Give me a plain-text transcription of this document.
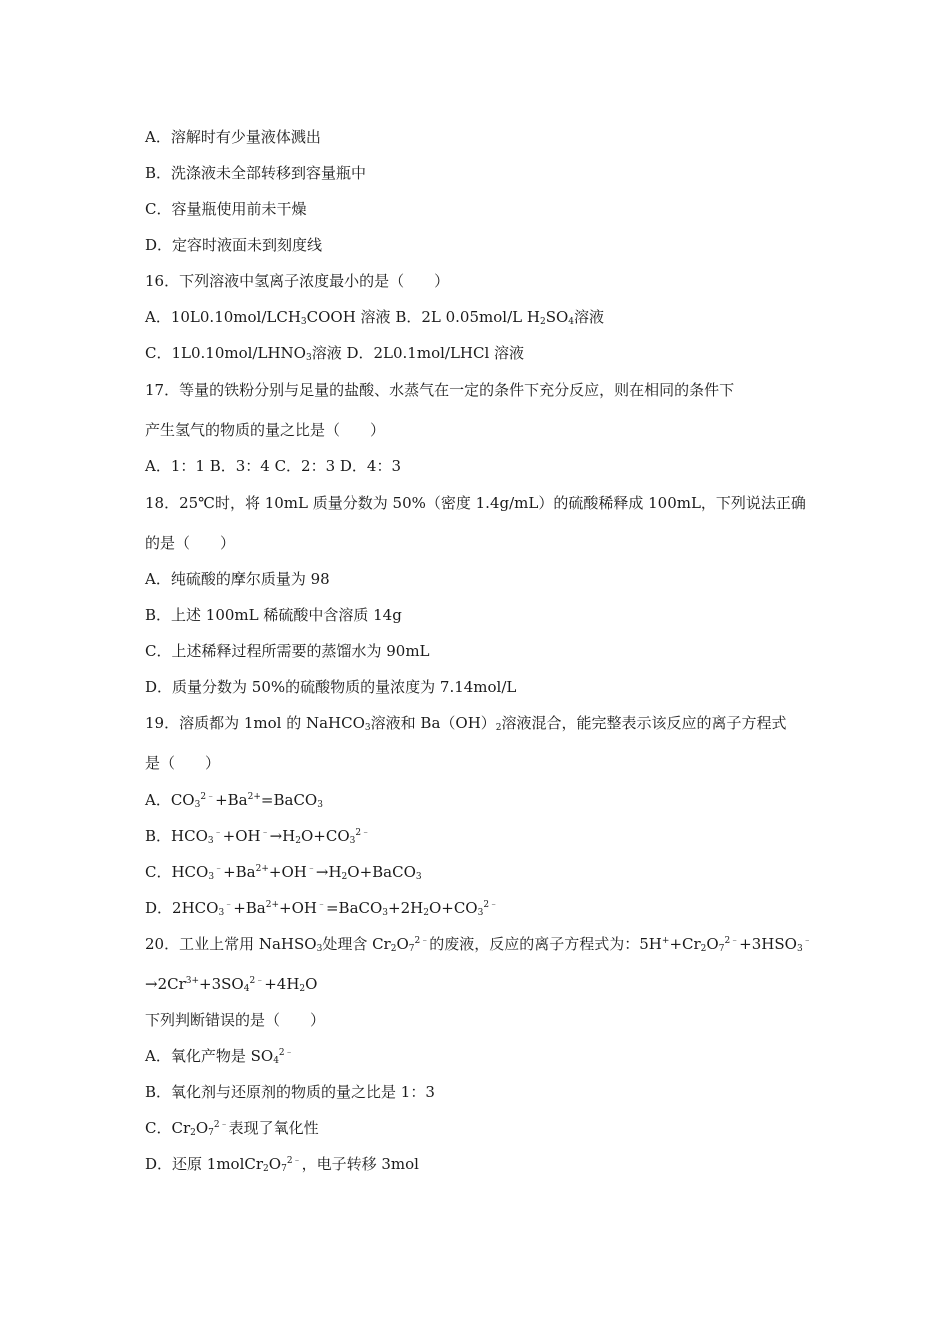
A．溶解时有少量液体溅出
B．洗涤液未全部转移到容量瓶中
C．容量瓶使用前未干燥
D．定容时液面未到刻度线
16．下列溶液中氢离子浓度最小的是（　　）
A．$10L0.10mol/LCH_3COOH$ 溶液 B．2L 0.05mol/L $H_2SO_4$溶液
C．$1L0.10mol/LHNO_3$溶液 D．2L0.1mol/LHCl 溶液
17．等量的铁粉分别与足量的盐酸、水蒸气在一定的条件下充分反应，则在相同的条件下
产生氢气的物质的量之比是（　　）
A．1：1 B．3：4 C．2：3 D．4：3
18．25℃时，将 10mL 质量分数为 50%（密度 1.4g/mL）的硫酸稀释成 100mL，下列说法正确
的是（　　）
A．纯硫酸的摩尔质量为 98
B．上述 100mL 稀硫酸中含溶质 14g
C．上述稀释过程所需要的蒸馏水为 90mL
D．质量分数为 50%的硫酸物质的量浓度为 7.14mol/L
19．溶质都为 1mol 的 NaHCO$_3$溶液和 $Ba(OH)_2$溶液混合，能完整表示该反应的离子方程式
是（　　）
A．$CO_3^{2﹣}+Ba^{2+}=BaCO_3$
B．$HCO_3^﹣+OH^﹣\to H_2O+CO_3^{2﹣}$
C．$HCO_3^﹣+Ba^{2+}+OH^﹣\to H_2O+BaCO_3$
D．$2HCO_3^﹣+Ba^{2+}+OH^﹣=BaCO_3+2H_2O+CO_3^{2﹣}$
20．工业上常用 NaHSO$_3$处理含 $Cr_2O_7^{2﹣}$的废液，反应的离子方程式为：$5H^++Cr_2O_7^{2﹣}+3HSO_3^﹣$
$\to 2Cr^{3+}+3SO_4^{2﹣}+4H_2O$
下列判断错误的是（　　）
A．氧化产物是 $SO_4^{2﹣}$
B．氧化剂与还原剂的物质的量之比是 1：3
C．$Cr_2O_7^{2﹣}$表现了氧化性
D．还原 $1molCr_2O_7^{2﹣}$，电子转移 3mol
